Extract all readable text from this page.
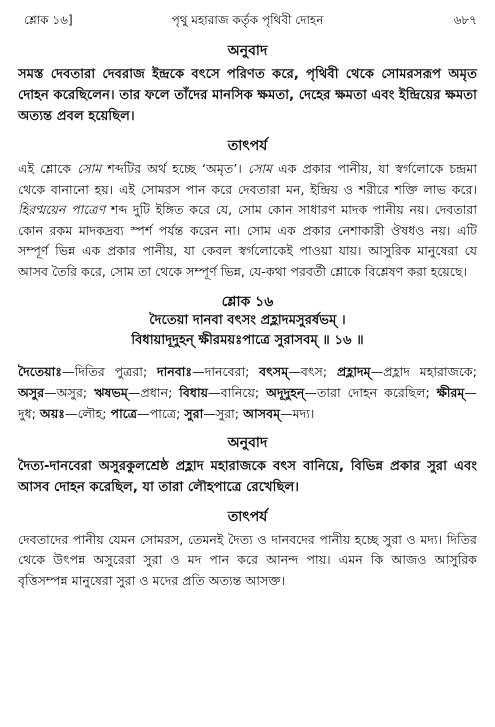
শ্লোক ১৬]	পৃথু মহারাজ কর্তৃক পৃথিবী দোহন	৬৮৭
অনুবাদ
সমস্ত দেবতারা দেবরাজ ইন্দ্রকে বৎসে পরিণত করে, পৃথিবী থেকে সোমরসরূপ অমৃত দোহন করেছিলেন। তার ফলে তাঁদের মানসিক ক্ষমতা, দেহের ক্ষমতা এবং ইন্দ্রিয়ের ক্ষমতা অত্যন্ত প্রবল হয়েছিল।
তাৎপর্য
এই শ্লোকে সোম শব্দটির অর্থ হচ্ছে ‘অমৃত’। সোম এক প্রকার পানীয়, যা স্বর্গলোকে চন্দ্রমা থেকে বানানো হয়। এই সোমরস পান করে দেবতারা মন, ইন্দ্রিয় ও শরীরে শক্তি লাভ করে। হিরণ্ময়েন পাত্রেণ শব্দ দুটি ইঙ্গিত করে যে, সোম কোন সাধারণ মাদক পানীয় নয়। দেবতারা কোন রকম মাদকদ্রব্য স্পর্শ পর্যন্ত করেন না। সোম এক প্রকার নেশাকারী ঔষধও নয়। এটি সম্পূর্ণ ভিন্ন এক প্রকার পানীয়, যা কেবল স্বর্গলোকেই পাওয়া যায়। আসুরিক মানুষেরা যে আসব তৈরি করে, সোম তা থেকে সম্পূর্ণ ভিন্ন, যে-কথা পরবর্তী শ্লোকে বিশ্লেষণ করা হয়েছে।
শ্লোক ১৬
দৈতেয়া দানবা বৎসং প্রহ্লাদমসুরর্ষভম্ ।
বিধায়াদূদুহন্ ক্ষীরময়ঃপাত্রে সুরাসবম্ ॥ ১৬ ॥
দৈতেয়াঃ—দিতির পুত্ররা; দানবাঃ—দানবেরা; বৎসম্—বৎস; প্রহ্লাদম্—প্রহ্লাদ মহারাজকে; অসুর—অসুর; ঋষভম্—প্রধান; বিধায়—বানিয়ে; অদূদুহন্—তারা দোহন করেছিল; ক্ষীরম্—দুধ; অয়ঃ—লৌহ; পাত্রে—পাত্রে; সুরা—সুরা; আসবম্—মদ্য।
অনুবাদ
দৈত্য-দানবেরা অসুরকুলশ্রেষ্ঠ প্রহ্লাদ মহারাজকে বৎস বানিয়ে, বিভিন্ন প্রকার সুরা এবং আসব দোহন করেছিল, যা তারা লৌহপাত্রে রেখেছিল।
তাৎপর্য
দেবতাদের পানীয় যেমন সোমরস, তেমনই দৈত্য ও দানবদের পানীয় হচ্ছে সুরা ও মদ্য। দিতির থেকে উৎপন্ন অসুরেরা সুরা ও মদ পান করে আনন্দ পায়। এমন কি আজও আসুরিক বৃত্তিসম্পন্ন মানুষেরা সুরা ও মদের প্রতি অত্যন্ত আসক্ত।
